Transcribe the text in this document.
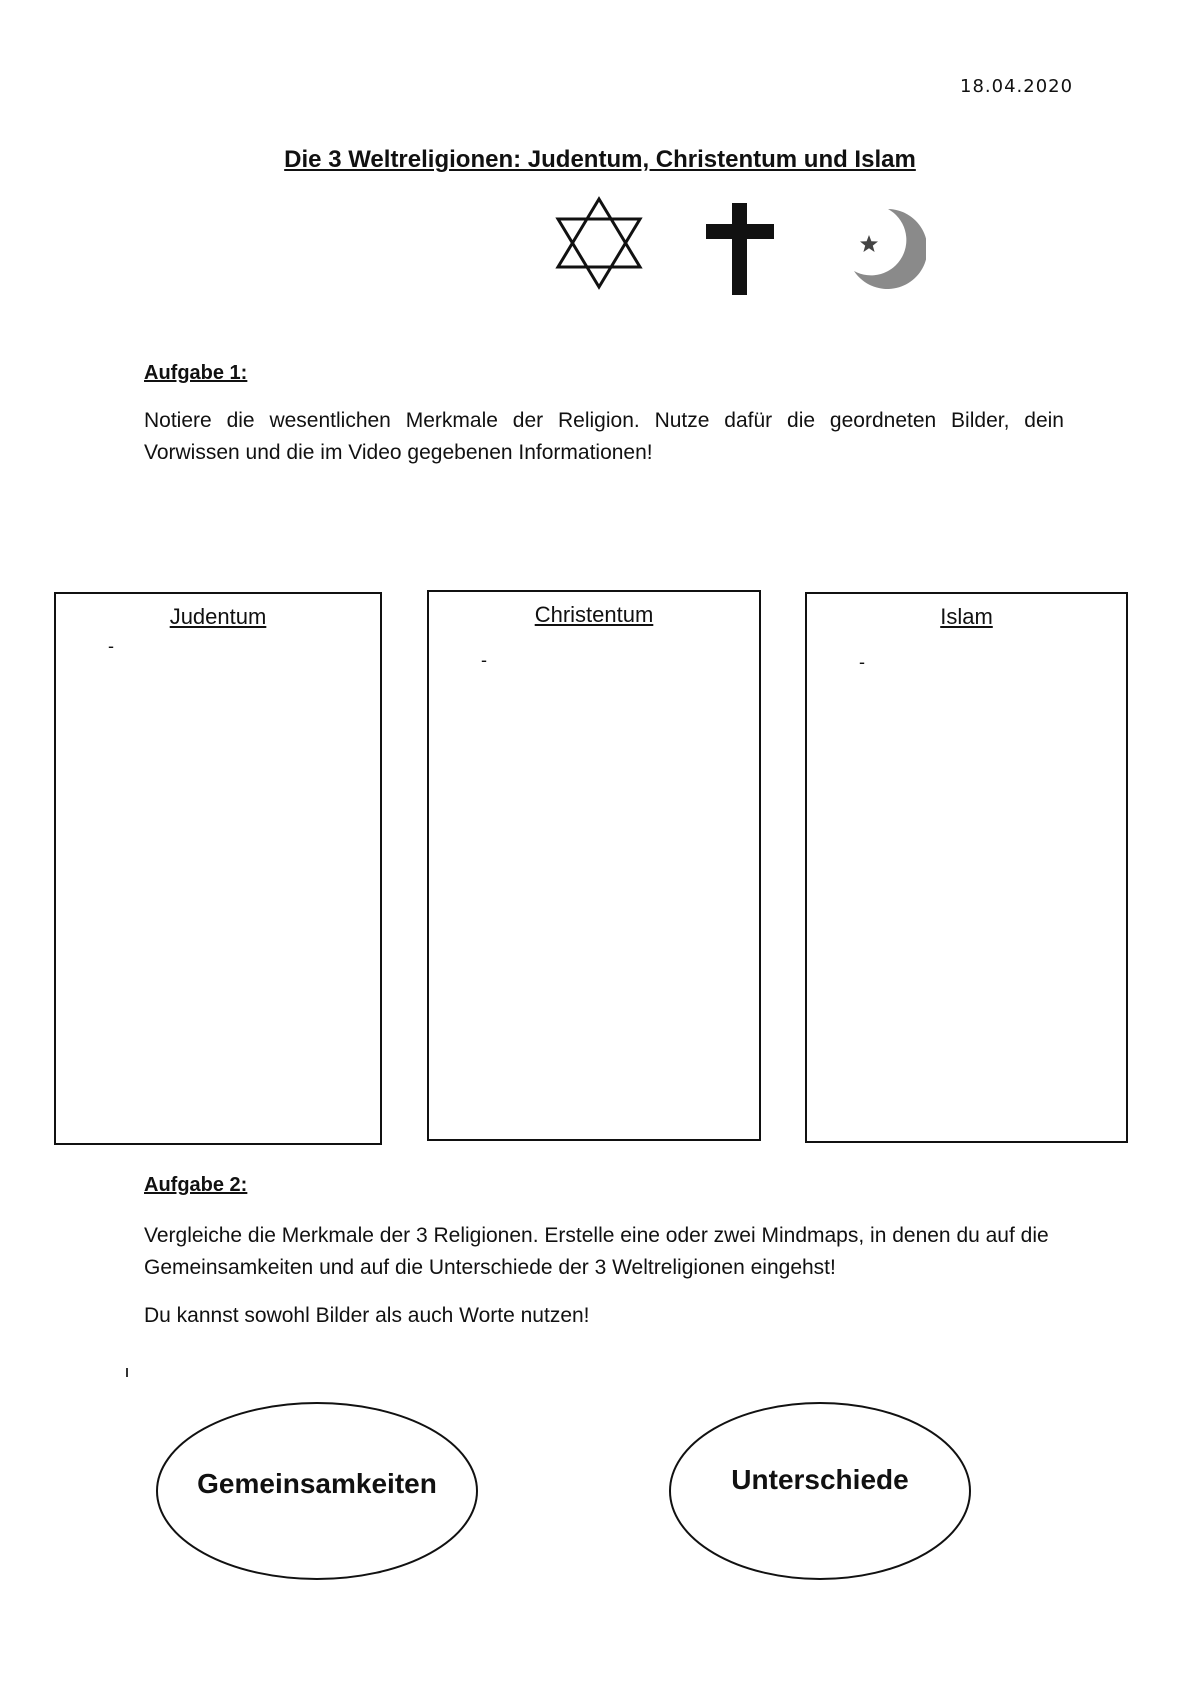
18.04.2020
Die 3 Weltreligionen: Judentum, Christentum und Islam
Aufgabe 1:
Notiere die wesentlichen Merkmale der Religion. Nutze dafür die geordneten Bilder, dein Vorwissen und die im Video gegebenen Informationen!
Judentum
-
Christentum
-
Islam
-
Aufgabe 2:
Vergleiche die Merkmale der 3 Religionen. Erstelle eine oder zwei Mindmaps, in denen du auf die Gemeinsamkeiten und auf die Unterschiede der 3 Weltreligionen eingehst!
Du kannst sowohl Bilder als auch Worte nutzen!
Gemeinsamkeiten	Unterschiede
